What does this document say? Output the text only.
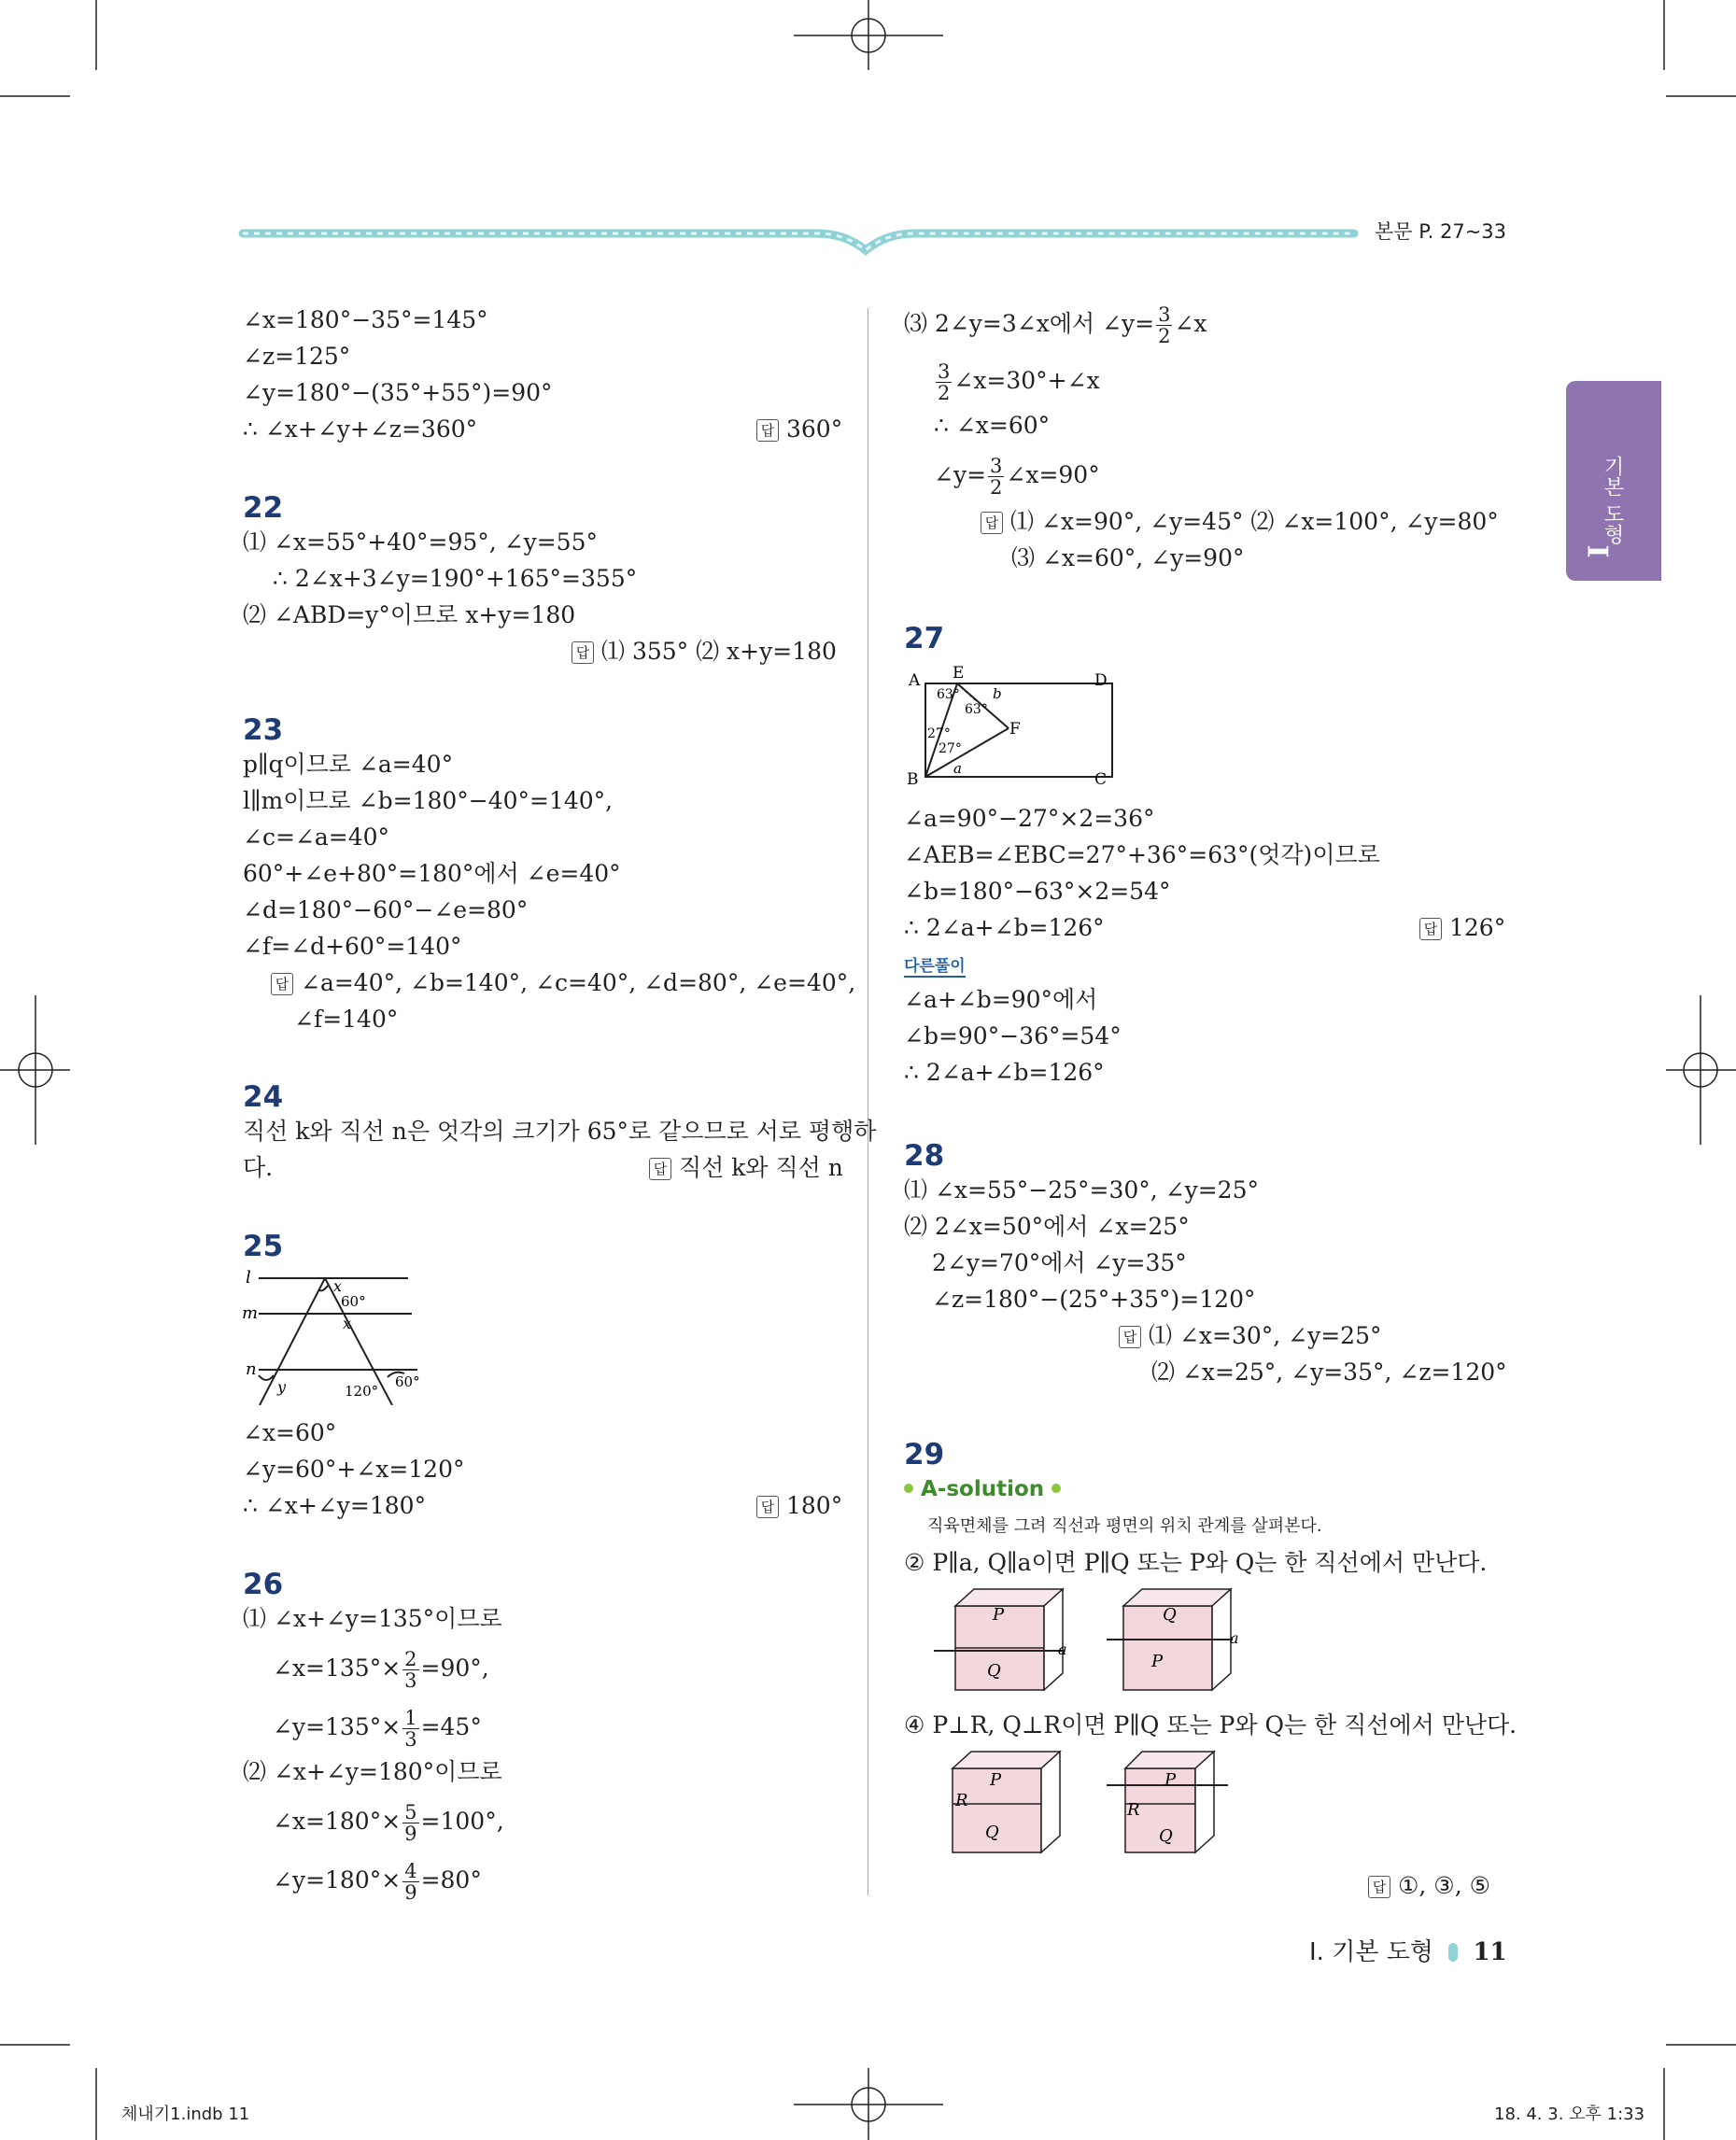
본문 P. 27~33
기본 도형
I
∠x=180°−35°=145°
∠z=125°
∠y=180°−(35°+55°)=90°
∴ ∠x+∠y+∠z=360°	답 360°
22
⑴ ∠x=55°+40°=95°, ∠y=55°
∴ 2∠x+3∠y=190°+165°=355°
⑵ ∠ABD=y°이므로 x+y=180
답 ⑴ 355° ⑵ x+y=180
23
p∥q이므로 ∠a=40°
l∥m이므로 ∠b=180°−40°=140°,
∠c=∠a=40°
60°+∠e+80°=180°에서 ∠e=40°
∠d=180°−60°−∠e=80°
∠f=∠d+60°=140°
답 ∠a=40°, ∠b=140°, ∠c=40°, ∠d=80°, ∠e=40°,
∠f=140°
24
직선 k와 직선 n은 엇각의 크기가 65°로 같으므로 서로 평행하
다.	답 직선 k와 직선 n
25
l
m
n
x
60°
x
y	120°
60°
∠x=60°
∠y=60°+∠x=120°
∴ ∠x+∠y=180°	답 180°
26
⑴ ∠x+∠y=135°이므로
∠x=135°× $\frac{2}{3} =90^\circ$,
∠y=135°× $\frac{1}{3} =45^\circ$
⑵ ∠x+∠y=180°이므로
∠x=180°× $\frac{5}{9} =100^\circ$,
∠y=180°× $\frac{4}{9} =80^\circ$
⑶ 2∠y=3∠x에서 ∠y= $\frac{3}{2}$ ∠x
$\frac{3}{2}$ ∠x=30°+∠x
∴ ∠x=60°
∠y= $\frac{3}{2}$ ∠x=90°
답 ⑴ ∠x=90°, ∠y=45° ⑵ ∠x=100°, ∠y=80°
⑶ ∠x=60°, ∠y=90°
27
A E	D
F
B	C
a
b
63°
63°
27°
27°
∠a=90°−27°×2=36°
∠AEB=∠EBC=27°+36°=63°(엇각)이므로
∠b=180°−63°×2=54°
∴ 2∠a+∠b=126°	답 126°
다른풀이
∠a+∠b=90°에서
∠b=90°−36°=54°
∴ 2∠a+∠b=126°
28
⑴ ∠x=55°−25°=30°, ∠y=25°
⑵ 2∠x=50°에서 ∠x=25°
2∠y=70°에서 ∠y=35°
∠z=180°−(25°+35°)=120°
답 ⑴ ∠x=30°, ∠y=25°
⑵ ∠x=25°, ∠y=35°, ∠z=120°
29
A-solution
직육면체를 그려 직선과 평면의 위치 관계를 살펴본다.
② P∥a, Q∥a이면 P∥Q 또는 P와 Q는 한 직선에서 만난다.
P
Q
a
Q
P
a
④ P⊥R, Q⊥R이면 P∥Q 또는 P와 Q는 한 직선에서 만난다.
P
R
Q
P
R
Q
답 ①, ③, ⑤
Ⅰ. 기본 도형 11
체내기1.indb 11	18. 4. 3. 오후 1:33
